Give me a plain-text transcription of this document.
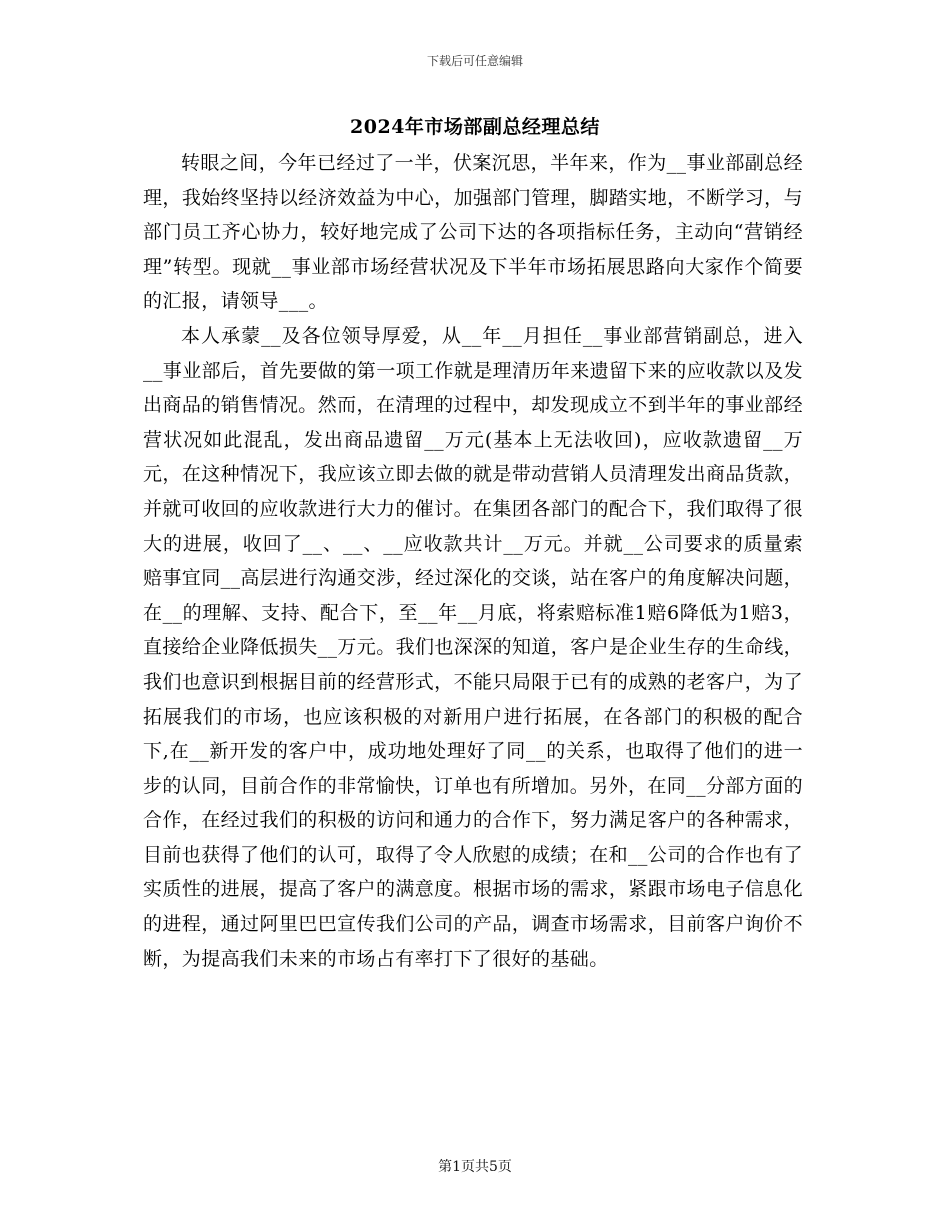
下载后可任意编辑
2024年市场部副总经理总结

转眼之间，今年已经过了一半，伏案沉思，半年来，作为__事业部副总经理，我始终坚持以经济效益为中心，加强部门管理，脚踏实地，不断学习，与部门员工齐心协力，较好地完成了公司下达的各项指标任务，主动向“营销经理”转型。现就__事业部市场经营状况及下半年市场拓展思路向大家作个简要的汇报，请领导___。

本人承蒙__及各位领导厚爱，从__年__月担任__事业部营销副总，进入__事业部后，首先要做的第一项工作就是理清历年来遗留下来的应收款以及发出商品的销售情况。然而，在清理的过程中，却发现成立不到半年的事业部经营状况如此混乱，发出商品遗留__万元(基本上无法收回)，应收款遗留__万元，在这种情况下，我应该立即去做的就是带动营销人员清理发出商品货款，并就可收回的应收款进行大力的催讨。在集团各部门的配合下，我们取得了很大的进展，收回了__、__、__应收款共计__万元。并就__公司要求的质量索赔事宜同__高层进行沟通交涉，经过深化的交谈，站在客户的角度解决问题，在__的理解、支持、配合下，至__年__月底，将索赔标准1赔6降低为1赔3，直接给企业降低损失__万元。我们也深深的知道，客户是企业生存的生命线，我们也意识到根据目前的经营形式，不能只局限于已有的成熟的老客户，为了拓展我们的市场，也应该积极的对新用户进行拓展，在各部门的积极的配合下,在__新开发的客户中，成功地处理好了同__的关系，也取得了他们的进一步的认同，目前合作的非常愉快，订单也有所增加。另外，在同__分部方面的合作，在经过我们的积极的访问和通力的合作下，努力满足客户的各种需求，目前也获得了他们的认可，取得了令人欣慰的成绩；在和__公司的合作也有了实质性的进展，提高了客户的满意度。根据市场的需求，紧跟市场电子信息化的进程，通过阿里巴巴宣传我们公司的产品，调查市场需求，目前客户询价不断，为提高我们未来的市场占有率打下了很好的基础。

第1页共5页
